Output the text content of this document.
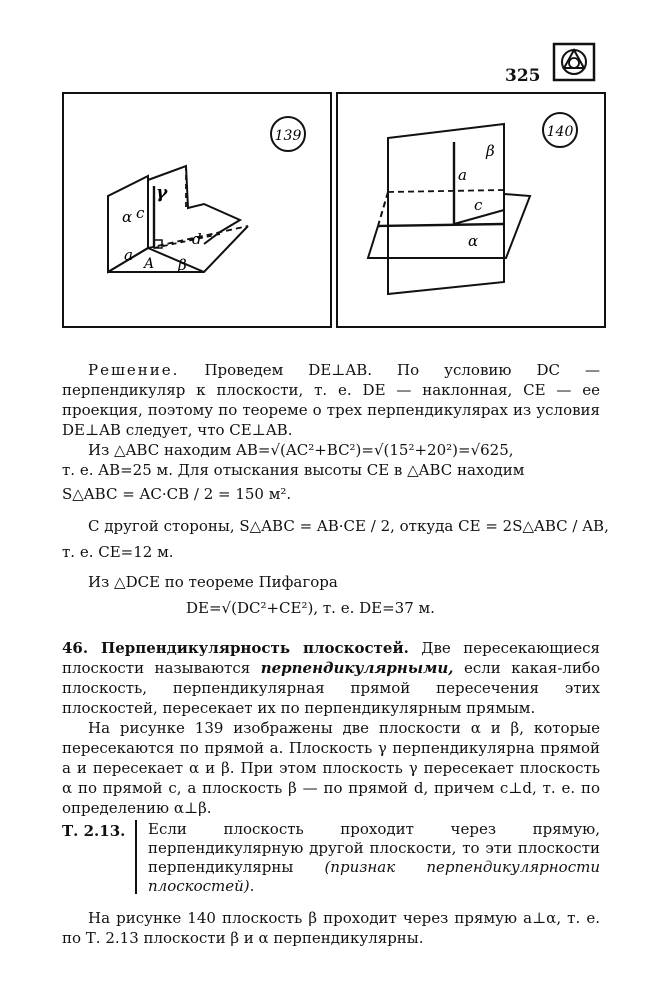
325
139
α
γ
c
a
d
A β
140
β
a
c
α

Решение. Проведем DE⊥AB. По условию DC — перпендикуляр к плоскости, т. е. DE — наклонная, CE — ее проекция, поэтому по теореме о трех перпендикулярах из условия DE⊥AB следует, что CE⊥AB.

Из △ABC находим AB=√(AC²+BC²)=√(15²+20²)=√625,
т. е. AB=25 м. Для отыскания высоты CE в △ABC находим
S△ABC = AC·CB / 2 = 150 м².
С другой стороны, S△ABC = AB·CE / 2, откуда CE = 2S△ABC / AB,
т. е. CE=12 м.
Из △DCE по теореме Пифагора
DE=√(DC²+CE²), т. е. DE=37 м.

46. Перпендикулярность плоскостей. Две пересекающиеся плоскости называются перпендикулярными, если какая-либо плоскость, перпендикулярная прямой пересечения этих плоскостей, пересекает их по перпендикулярным прямым.

На рисунке 139 изображены две плоскости α и β, которые пересекаются по прямой a. Плоскость γ перпендикулярна прямой a и пересекает α и β. При этом плоскость γ пересекает плоскость α по прямой c, а плоскость β — по прямой d, причем c⊥d, т. е. по определению α⊥β.

Т. 2.13. Если плоскость проходит через прямую, перпендикулярную другой плоскости, то эти плоскости перпендикулярны (признак перпендикулярности плоскостей).

На рисунке 140 плоскость β проходит через прямую a⊥α, т. е. по Т. 2.13 плоскости β и α перпендикулярны.
